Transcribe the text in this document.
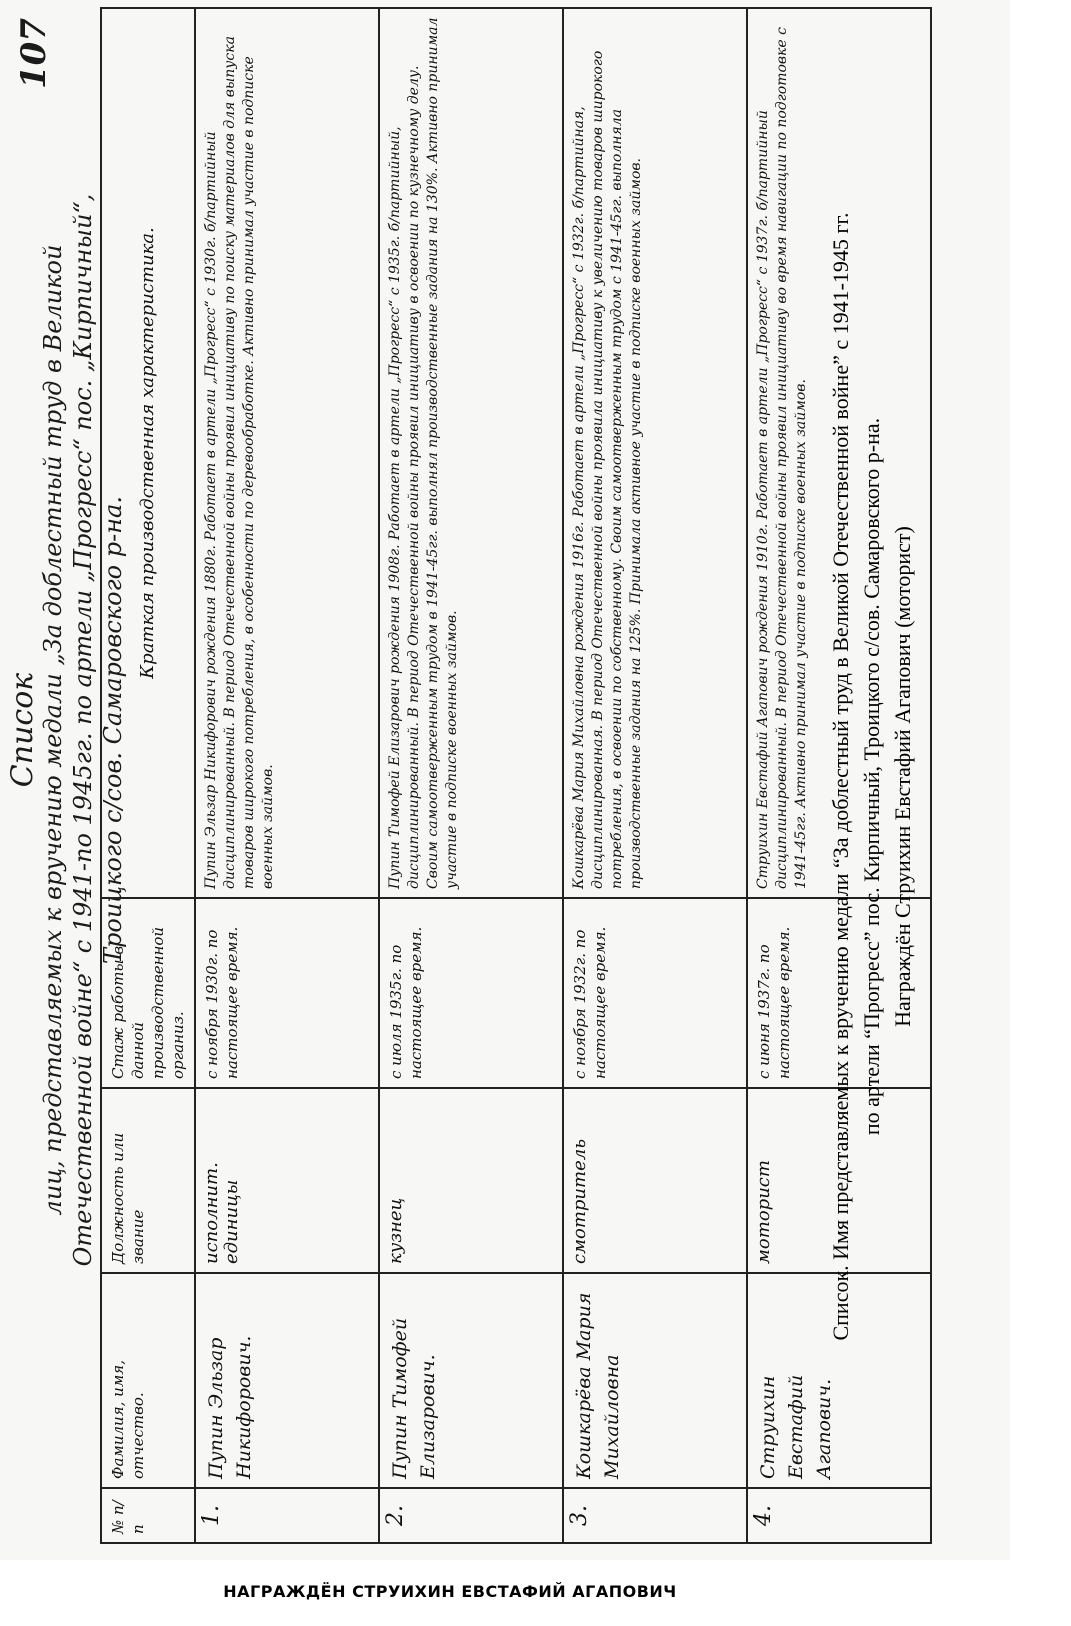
107
Список лиц, представляемых к вручению медали „За доблестный труд в Великой Отечественной войне“ с 1941-по 1945гг. по артели „Прогресс“ пос. „Кирпичный“, Троицкого с/сов. Самаровского р-на.
№ п/п	Фамилия, имя, отчество.	Должность или звание	Стаж работы в данной производственной организ.	Краткая производственная характеристика.
1.	Пупин Эльзар Никифорович.	исполнит. единицы	с ноября 1930г. по настоящее время.	Пупин Эльзар Никифорович рождения 1880г. Работает в артели „Прогресс“ с 1930г. б/партийный дисциплинированный. В период Отечественной войны проявил инициативу по поиску материалов для выпуска товаров широкого потребления, в особенности по деревообработке. Активно принимал участие в подписке военных займов.
2.	Пупин Тимофей Елизарович.	кузнец	с июля 1935г. по настоящее время.	Пупин Тимофей Елизарович рождения 1908г. Работает в артели „Прогресс“ с 1935г. б/партийный, дисциплинированный. В период Отечественной войны проявил инициативу в освоении по кузнечному делу. Своим самоотверженным трудом в 1941-45гг. выполнял производственные задания на 130%. Активно принимал участие в подписке военных займов.
3.	Кошкарёва Мария Михайловна	смотритель	с ноября 1932г. по настоящее время.	Кошкарёва Мария Михайловна рождения 1916г. Работает в артели „Прогресс“ с 1932г. б/партийная, дисциплинированная. В период Отечественной войны проявила инициативу к увеличению товаров широкого потребления, в освоении по собственному. Своим самоотверженным трудом с 1941-45гг. выполняла производственные задания на 125%. Принимала активное участие в подписке военных займов.
4.	Струихин Евстафий Агапович.	моторист	с июня 1937г. по настоящее время.	Струихин Евстафий Агапович рождения 1910г. Работает в артели „Прогресс“ с 1937г. б/партийный дисциплинированный. В период Отечественной войны проявил инициативу во время навигации по подготовке с 1941-45гг. Активно принимал участие в подписке военных займов. Список. Имя представляемых к вручению медали “За доблестный труд в Великой Отечественной войне” с 1941-1945 гг. по артели “Прогресс” пос. Кирпичный, Троицкого с/сов. Самаровского р-на. Награждён Струихин Евстафий Агапович (моторист)
НАГРАЖДЁН СТРУИХИН ЕВСТАФИЙ АГАПОВИЧ
